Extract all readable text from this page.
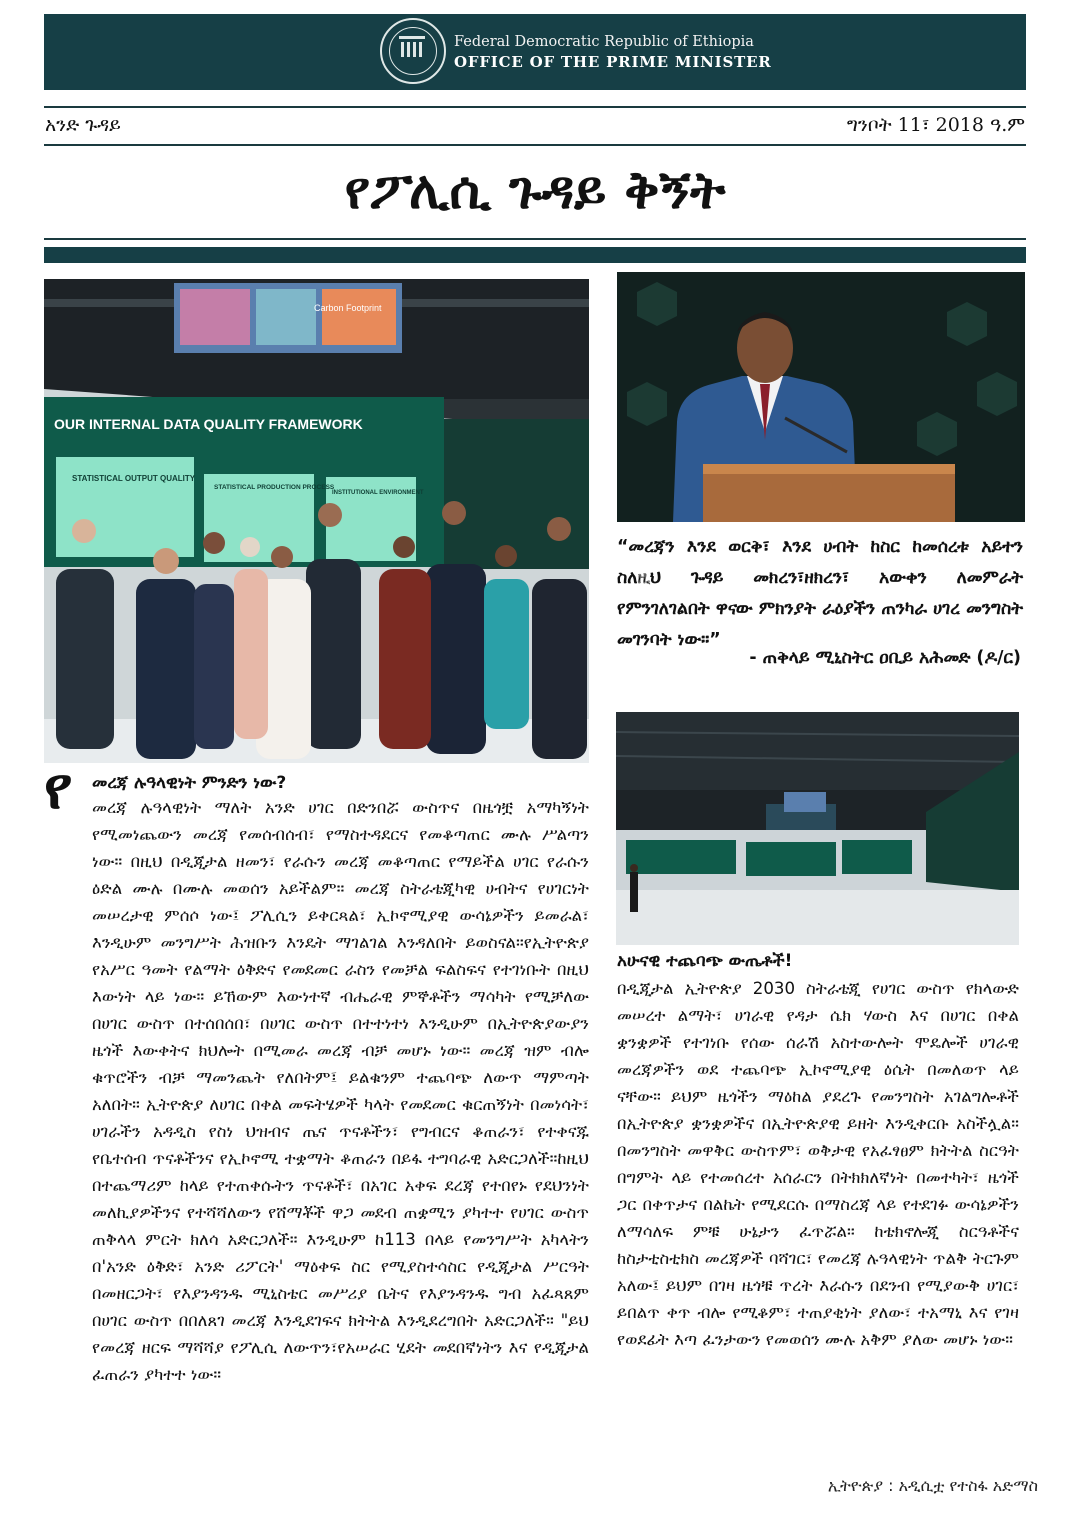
Federal Democratic Republic of Ethiopia
OFFICE OF THE PRIME MINISTER
አንድ ጉዳይ	ግንቦት 11፣ 2018 ዓ.ም
የፖሊሲ ጉዳይ ቅኝት
Carbon Footprint
OUR INTERNAL DATA QUALITY FRAMEWORK
STATISTICAL OUTPUT QUALITY
STATISTICAL PRODUCTION PROCESS
INSTITUTIONAL ENVIRONMENT
“መረጃን እንደ ወርቅ፣ እንደ ሀብት ከስር ከመሰረቱ አይተን ስለዚህ ጉዳይ መክረን፣ዘክረን፣ አውቀን ለመምራት የምንገለገልበት ዋናው ምክንያት ራዕያችን ጠንካራ ሀገረ መንግስት መገንባት ነው።”
- ጠቅላይ ሚኒስትር ዐቢይ አሕመድ (ዶ/ር)
የ መረጃ ሉዓላዊነት ምንድን ነው?
መረጃ ሉዓላዊነት ማለት አንድ ሀገር በድንበሯ ውስጥና በዜጎቿ አማካኝነት የሚመነጨውን መረጃ የመሰብሰብ፣ የማስተዳደርና የመቆጣጠር ሙሉ ሥልጣን ነው። በዚህ በዲጂታል ዘመን፣ የራሱን መረጃ መቆጣጠር የማይችል ሀገር የራሱን ዕድል ሙሉ በሙሉ መወሰን አይችልም። መረጃ ስትራቴጂካዊ ሀብትና የሀገርነት መሠረታዊ ምሰሶ ነው፤ ፖሊሲን ይቀርጻል፣ ኢኮኖሚያዊ ውሳኔዎችን ይመራል፣ እንዲሁም መንግሥት ሕዝቡን እንዴት ማገልገል እንዳለበት ይወስናል።የኢትዮጵያ የአሥር ዓመት የልማት ዕቅድና የመደመር ራስን የመቻል ፍልስፍና የተገነቡት በዚህ እውነት ላይ ነው። ይኸውም እውነተኛ ብሔራዊ ምኞቶችን ማሳካት የሚቻለው በሀገር ውስጥ በተሰበሰበ፣ በሀገር ውስጥ በተተነተነ እንዲሁም በኢትዮጵያውያን ዜጎች እውቀትና ክህሎት በሚመራ መረጃ ብቻ መሆኑ ነው። መረጃ ዝም ብሎ ቁጥሮችን ብቻ ማመንጨት የለበትም፤ ይልቁንም ተጨባጭ ለውጥ ማምጣት አለበት። ኢትዮጵያ ለሀገር በቀል መፍትሄዎች ካላት የመደመር ቁርጠኝነት በመነሳት፣ ሀገራችን አዳዲስ የስነ ህዝብና ጤና ጥናቶችን፣ የግብርና ቆጠራን፣ የተቀናጁ የቤተሰብ ጥናቶችንና የኢኮኖሚ ተቋማት ቆጠራን በይፋ ተግባራዊ አድርጋለች።ከዚህ በተጨማሪም ከላይ የተጠቀሱትን ጥናቶች፣ በአገር አቀፍ ደረጃ የተበየኑ የደህንነት መለኪያዎችንና የተሻሻለውን የሸማቾች ዋጋ መደብ ጠቋሚን ያካተተ የሀገር ውስጥ ጠቅላላ ምርት ክለሳ አድርጋለች። እንዲሁም ከ113 በላይ የመንግሥት አካላትን በ'አንድ ዕቅድ፣ አንድ ሪፖርት' ማዕቀፍ ስር የሚያስተሳስር የዲጂታል ሥርዓት በመዘርጋት፣ የእያንዳንዱ ሚኒስቴር መሥሪያ ቤትና የእያንዳንዱ ግብ አፈጻጸም በሀገር ውስጥ በበለጸገ መረጃ እንዲደገፍና ክትትል እንዲደረግበት አድርጋለች። "ይህ የመረጃ ዘርፍ ማሻሻያ የፖሊሲ ለውጥን፣የአሠራር ሂደት መደበኛነትን እና የዲጂታል ፈጠራን ያካተተ ነው።
አሁናዊ ተጨባጭ ውጤቶች!
በዲጂታል ኢትዮጵያ 2030 ስትራቴጂ የሀገር ውስጥ የክላውድ መሠረተ ልማት፣ ሀገራዊ የዳታ ሴክ ሃውስ እና በሀገር በቀል ቋንቋዎች የተገነቡ የሰው ሰራሽ አስተውሎት ሞዴሎች ሀገራዊ መረጃዎችን ወደ ተጨባጭ ኢኮኖሚያዊ ዕሴት በመለወጥ ላይ ናቸው። ይህም ዜጎችን ማዕከል ያደረጉ የመንግስት አገልግሎቶች በኢትዮጵያ ቋንቋዎችና በኢትዮጵያዊ ይዘት እንዲቀርቡ አስችሏል። በመንግስት መዋቅር ውስጥም፣ ወቅታዊ የአፈፃፀም ክትትል ስርዓት በግምት ላይ የተመሰረተ አሰራርን በትክክለኛነት በመተካት፣ ዜጎች ጋር በቀጥታና በልኬት የሚደርሱ በማስረጃ ላይ የተደገፉ ውሳኔዎችን ለማሳለፍ ምቹ ሁኔታን ፈጥሯል። ከቴክኖሎጂ ስርዓቶችና ከስታቲስቲክስ መረጃዎች ባሻገር፣ የመረጃ ሉዓላዊነት ጥልቅ ትርጉም አለው፤ ይህም በገዛ ዜጎቹ ጥረት እራሱን በደንብ የሚያውቅ ሀገር፣ ይበልጥ ቀጥ ብሎ የሚቆም፣ ተጠያቂነት ያለው፣ ተአማኒ እና የገዛ የወደፊት እጣ ፈንታውን የመወሰን ሙሉ አቅም ያለው መሆኑ ነው።
ኢትዮጵያ : አዲሲቷ የተስፋ አድማስ
